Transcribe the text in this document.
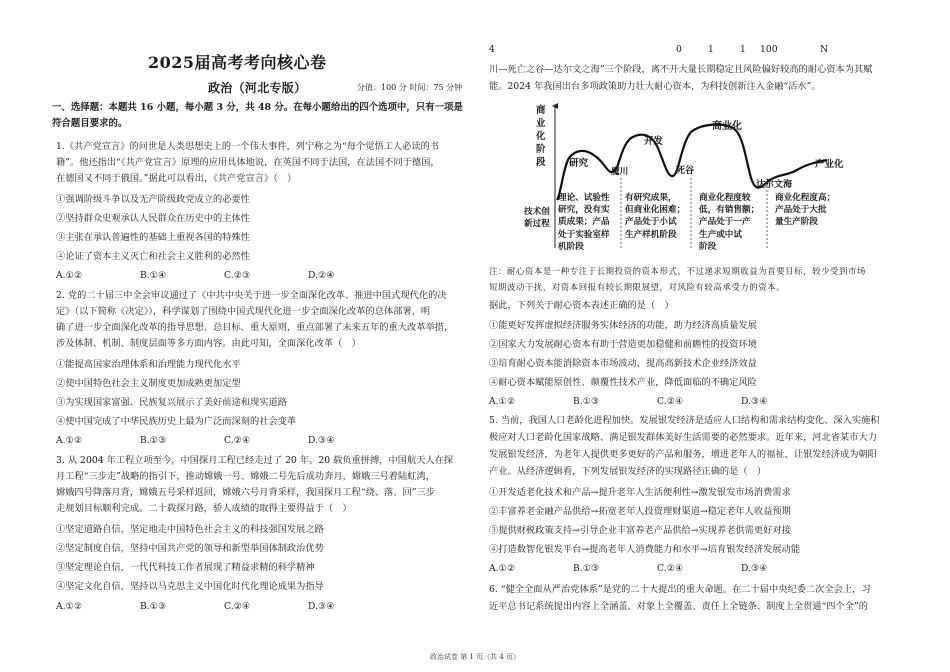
2025届高考考向核心卷
政治（河北专版）	分值：100 分 时间：75 分钟
一、选择题：本题共 16 小题，每小题 3 分，共 48 分。在每小题给出的四个选项中，只有一项是
符合题目要求的。
1.《共产党宣言》的问世是人类思想史上的一个伟大事件，列宁称之为“每个觉悟工人必读的书
籍”。他还指出“《共产党宣言》原理的应用具体地说，在英国不同于法国，在法国不同于德国，
在德国又不同于俄国。”据此可以看出，《共产党宣言》（　）
①强调阶级斗争以及无产阶级政党成立的必要性
②坚持群众史观承认人民群众在历史中的主体性
③主张在承认普遍性的基础上重视各国的特殊性
④论证了资本主义灭亡和社会主义胜利的必然性
A.①②	B.①④	C.②③	D.②④
2. 党的二十届三中全会审议通过了《中共中央关于进一步全面深化改革、推进中国式现代化的决
定》（以下简称《决定》），科学谋划了围绕中国式现代化进一步全面深化改革的总体部署，明
确了进一步全面深化改革的指导思想、总目标、重大原则，重点部署了未来五年的重大改革举措，
涉及体制、机制、制度层面等多方面内容。由此可知，全面深化改革（　）
①能提高国家治理体系和治理能力现代化水平
②使中国特色社会主义制度更加成熟更加定型
③为实现国家富强、民族复兴展示了美好前途和现实道路
④使中国完成了中华民族历史上最为广泛而深刻的社会变革
A.①②	B.①③	C.②④	D.③④
3. 从 2004 年工程立项至今，中国探月工程已经走过了 20 年。20 载负重拼搏，中国航天人在探
月工程“三步走”战略的指引下，推动嫦娥一号、嫦娥二号先后成功奔月，嫦娥三号着陆虹湾，
嫦娥四号降落月背，嫦娥五号采样返回，嫦娥六号月背采样，我国探月工程“绕、落、回”三步
走规划目标顺利完成。二十载探月路，骄人成绩的取得主要得益于（　）
①坚定道路自信，坚定地走中国特色社会主义的科技强国发展之路
②坚定制度自信，坚持中国共产党的领导和新型举国体制政治优势
③坚定理论自信，一代代科技工作者展现了精益求精的科学精神
④坚定文化自信，坚持以马克思主义中国化时代化理论成果为指导
A.①②	B.①③	C.②④	D.③④
4	0	1	1 100	N
川—死亡之谷—达尔文之海”三个阶段，离不开大量长期稳定且风险偏好较高的耐心资本为其赋
能。2024 年我国出台多项政策助力壮大耐心资本，为科技创新注入金融“活水”。
商
业
化
阶
段 研究
魔川
开发
死谷
商业化
达尔文海
产业化
技术创
新过程
理论、试验性
研究，没有实
质成果；产品
处于实验室样
机阶段
有研究成果，
但商业化困难；
产品处于小试
生产样机阶段
商业化程度较
低，有销售额；
产品处于一产
生产或中试
阶段
商业化程度高；
产品处于大批
量生产阶段
注：耐心资本是一种专注于长期投资的资本形式，不过递求短期收益为首要目标，较少受到市场
短期波动干扰，对资本回报有较长期限展望，对风险有较高承受力的资本。
据此，下列关于耐心资本表述正确的是（　）
①能更好发挥虚拟经济服务实体经济的功能，助力经济高质量发展
②国家大力发展耐心资本有助于营造更加稳健和前瞻性的投资环境
③培育耐心资本能消除资本市场波动，提高高新技术企业经济效益
④耐心资本赋能原创性、颠覆性技术产业，降低面临的不确定风险
A.①②	B.①③	C.②④	D.③④
5. 当前，我国人口老龄化进程加快。发展银发经济是适应人口结构和需求结构变化、深入实施积
极应对人口老龄化国家战略、满足银发群体美好生活需要的必然要求。近年来，河北省某市大力
发展银发经济，为老年人提供更多更好的产品和服务，增进老年人的福祉，让银发经济成为朝阳
产业。从经济逻辑看，下列发展银发经济的实现路径正确的是（　）
①开发适老化技术和产品→提升老年人生活便利性→激发银发市场消费需求
②丰富养老金融产品供给→拓宽老年人投资理财渠道→稳定老年人收益预期
③提供财税政策支持→引导企业丰富养老产品供给→实现养老供需更好对接
④打造数智化银发平台→提高老年人消费能力和水平→培育银发经济发展动能
A.①②	B.①③	C.②④	D.③④
6. “健全全面从严治党体系”是党的二十大提出的重大命题。在二十届中央纪委二次全会上，习
近平总书记系统提出内容上全涵盖、对象上全覆盖、责任上全链条、制度上全贯通“四个全”的
政治试卷 第 1 页（共 4 页）
